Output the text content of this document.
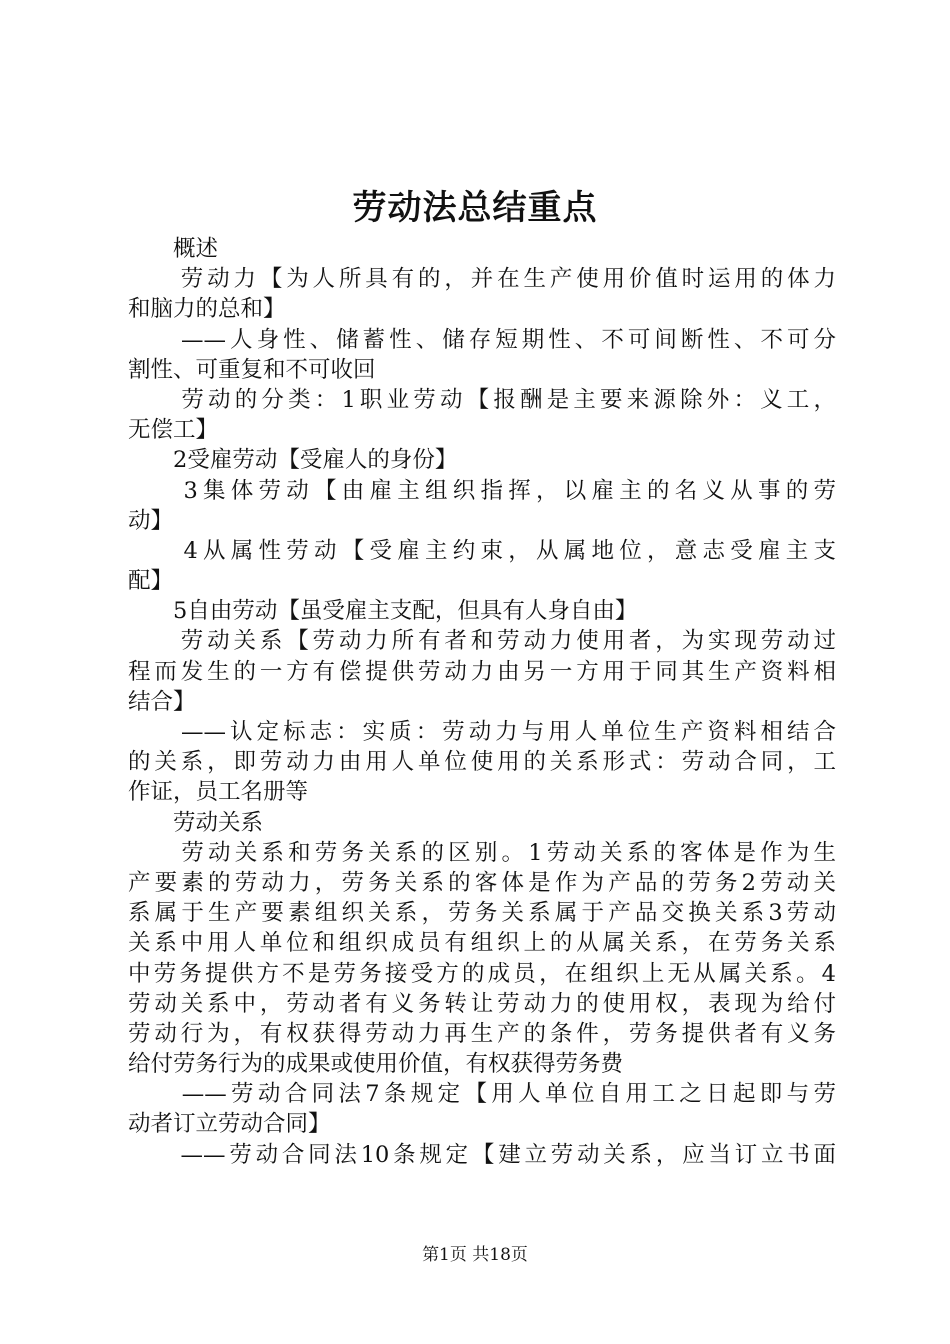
劳动法总结重点
　　概述
　　劳动力【为人所具有的，并在生产使用价值时运用的体力
和脑力的总和】
　　——人身性、储蓄性、储存短期性、不可间断性、不可分
割性、可重复和不可收回
　　劳动的分类：1职业劳动【报酬是主要来源除外：义工，
无偿工】
　　2受雇劳动【受雇人的身份】
　　3集体劳动【由雇主组织指挥，以雇主的名义从事的劳
动】
　　4从属性劳动【受雇主约束，从属地位，意志受雇主支
配】
　　5自由劳动【虽受雇主支配，但具有人身自由】
　　劳动关系【劳动力所有者和劳动力使用者，为实现劳动过
程而发生的一方有偿提供劳动力由另一方用于同其生产资料相
结合】
　　——认定标志：实质：劳动力与用人单位生产资料相结合
的关系，即劳动力由用人单位使用的关系形式：劳动合同，工
作证，员工名册等
　　劳动关系
　　劳动关系和劳务关系的区别。1劳动关系的客体是作为生
产要素的劳动力，劳务关系的客体是作为产品的劳务2劳动关
系属于生产要素组织关系，劳务关系属于产品交换关系3劳动
关系中用人单位和组织成员有组织上的从属关系，在劳务关系
中劳务提供方不是劳务接受方的成员，在组织上无从属关系。4
劳动关系中，劳动者有义务转让劳动力的使用权，表现为给付
劳动行为，有权获得劳动力再生产的条件，劳务提供者有义务
给付劳务行为的成果或使用价值，有权获得劳务费
　　——劳动合同法7条规定【用人单位自用工之日起即与劳
动者订立劳动合同】
　　——劳动合同法10条规定【建立劳动关系，应当订立书面
第1页 共18页
